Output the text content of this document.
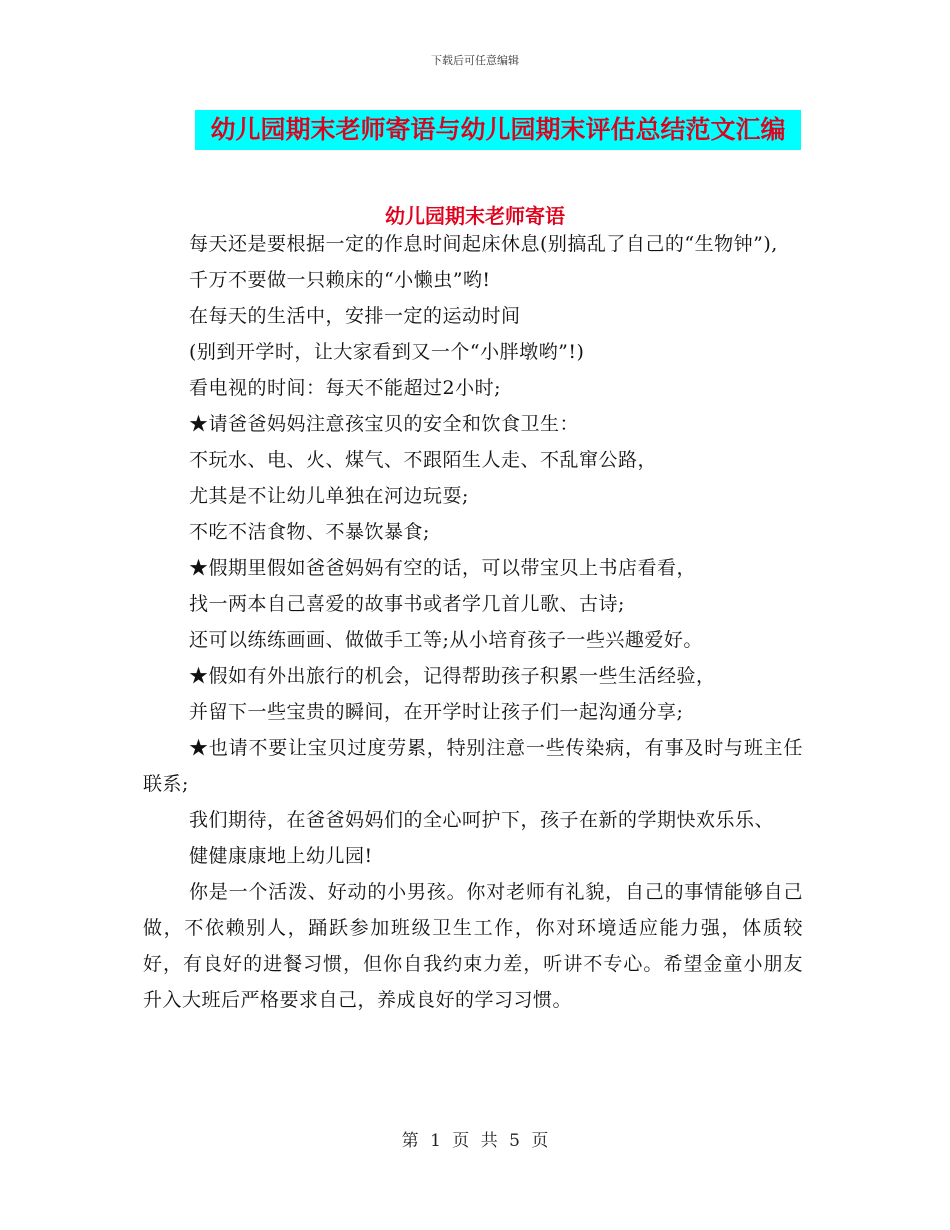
下载后可任意编辑
幼儿园期末老师寄语与幼儿园期末评估总结范文汇编
幼儿园期末老师寄语

每天还是要根据一定的作息时间起床休息(别搞乱了自己的“生物钟”),

千万不要做一只赖床的“小懒虫”哟!

在每天的生活中，安排一定的运动时间

(别到开学时，让大家看到又一个“小胖墩哟”!)

看电视的时间：每天不能超过2小时;

★请爸爸妈妈注意孩宝贝的安全和饮食卫生：

不玩水、电、火、煤气、不跟陌生人走、不乱窜公路，

尤其是不让幼儿单独在河边玩耍;

不吃不洁食物、不暴饮暴食;

★假期里假如爸爸妈妈有空的话，可以带宝贝上书店看看，

找一两本自己喜爱的故事书或者学几首儿歌、古诗;

还可以练练画画、做做手工等;从小培育孩子一些兴趣爱好。

★假如有外出旅行的机会，记得帮助孩子积累一些生活经验，

并留下一些宝贵的瞬间，在开学时让孩子们一起沟通分享;

★也请不要让宝贝过度劳累，特别注意一些传染病，有事及时与班主任联系;

我们期待，在爸爸妈妈们的全心呵护下，孩子在新的学期快欢乐乐、

健健康康地上幼儿园!

你是一个活泼、好动的小男孩。你对老师有礼貌，自己的事情能够自己做，不依赖别人，踊跃参加班级卫生工作，你对环境适应能力强，体质较好，有良好的进餐习惯，但你自我约束力差，听讲不专心。希望金童小朋友升入大班后严格要求自己，养成良好的学习习惯。

第 1 页 共 5 页
